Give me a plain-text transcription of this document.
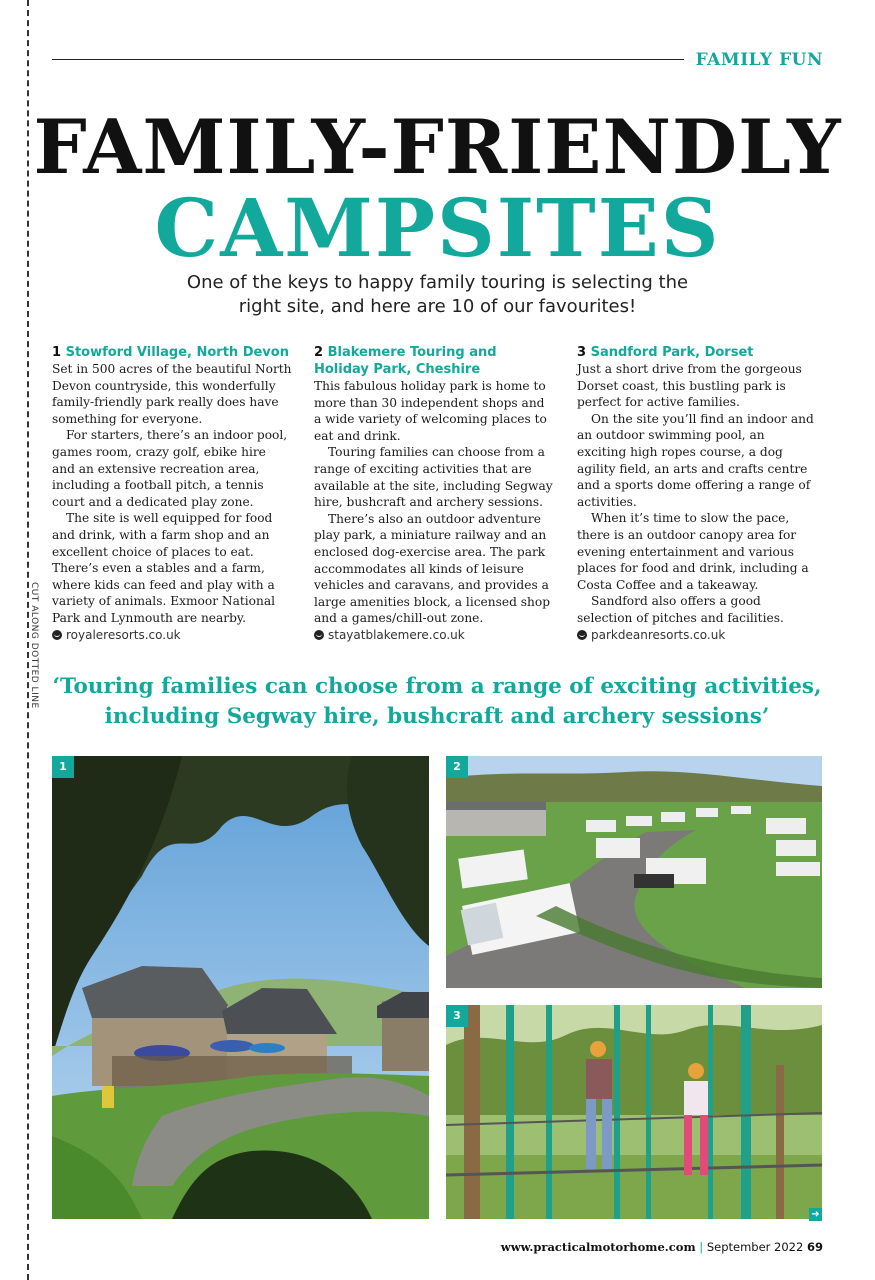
CUT ALONG DOTTED LINE
FAMILY FUN
FAMILY-FRIENDLY
CAMPSITES
One of the keys to happy family touring is selecting the right site, and here are 10 of our favourites!
1 Stowford Village, North Devon

Set in 500 acres of the beautiful North Devon countryside, this wonderfully family-friendly park really does have something for everyone.

For starters, there’s an indoor pool, games room, crazy golf, ebike hire and an extensive recreation area, including a football pitch, a tennis court and a dedicated play zone.

The site is well equipped for food and drink, with a farm shop and an excellent choice of places to eat. There’s even a stables and a farm, where kids can feed and play with a variety of animals. Exmoor National Park and Lynmouth are nearby.

royaleresorts.co.uk
2 Blakemere Touring and Holiday Park, Cheshire

This fabulous holiday park is home to more than 30 independent shops and a wide variety of welcoming places to eat and drink.

Touring families can choose from a range of exciting activities that are available at the site, including Segway hire, bushcraft and archery sessions.

There’s also an outdoor adventure play park, a miniature railway and an enclosed dog-exercise area. The park accommodates all kinds of leisure vehicles and caravans, and provides a large amenities block, a licensed shop and a games/chill-out zone.

stayatblakemere.co.uk
3 Sandford Park, Dorset

Just a short drive from the gorgeous Dorset coast, this bustling park is perfect for active families.

On the site you’ll find an indoor and an outdoor swimming pool, an exciting high ropes course, a dog agility field, an arts and crafts centre and a sports dome offering a range of activities.

When it’s time to slow the pace, there is an outdoor canopy area for evening entertainment and various places for food and drink, including a Costa Coffee and a takeaway.

Sandford also offers a good selection of pitches and facilities.

parkdeanresorts.co.uk
‘Touring families can choose from a range of exciting activities, including Segway hire, bushcraft and archery sessions’
1	2
3
➜
www.practicalmotorhome.com | September 2022 69
